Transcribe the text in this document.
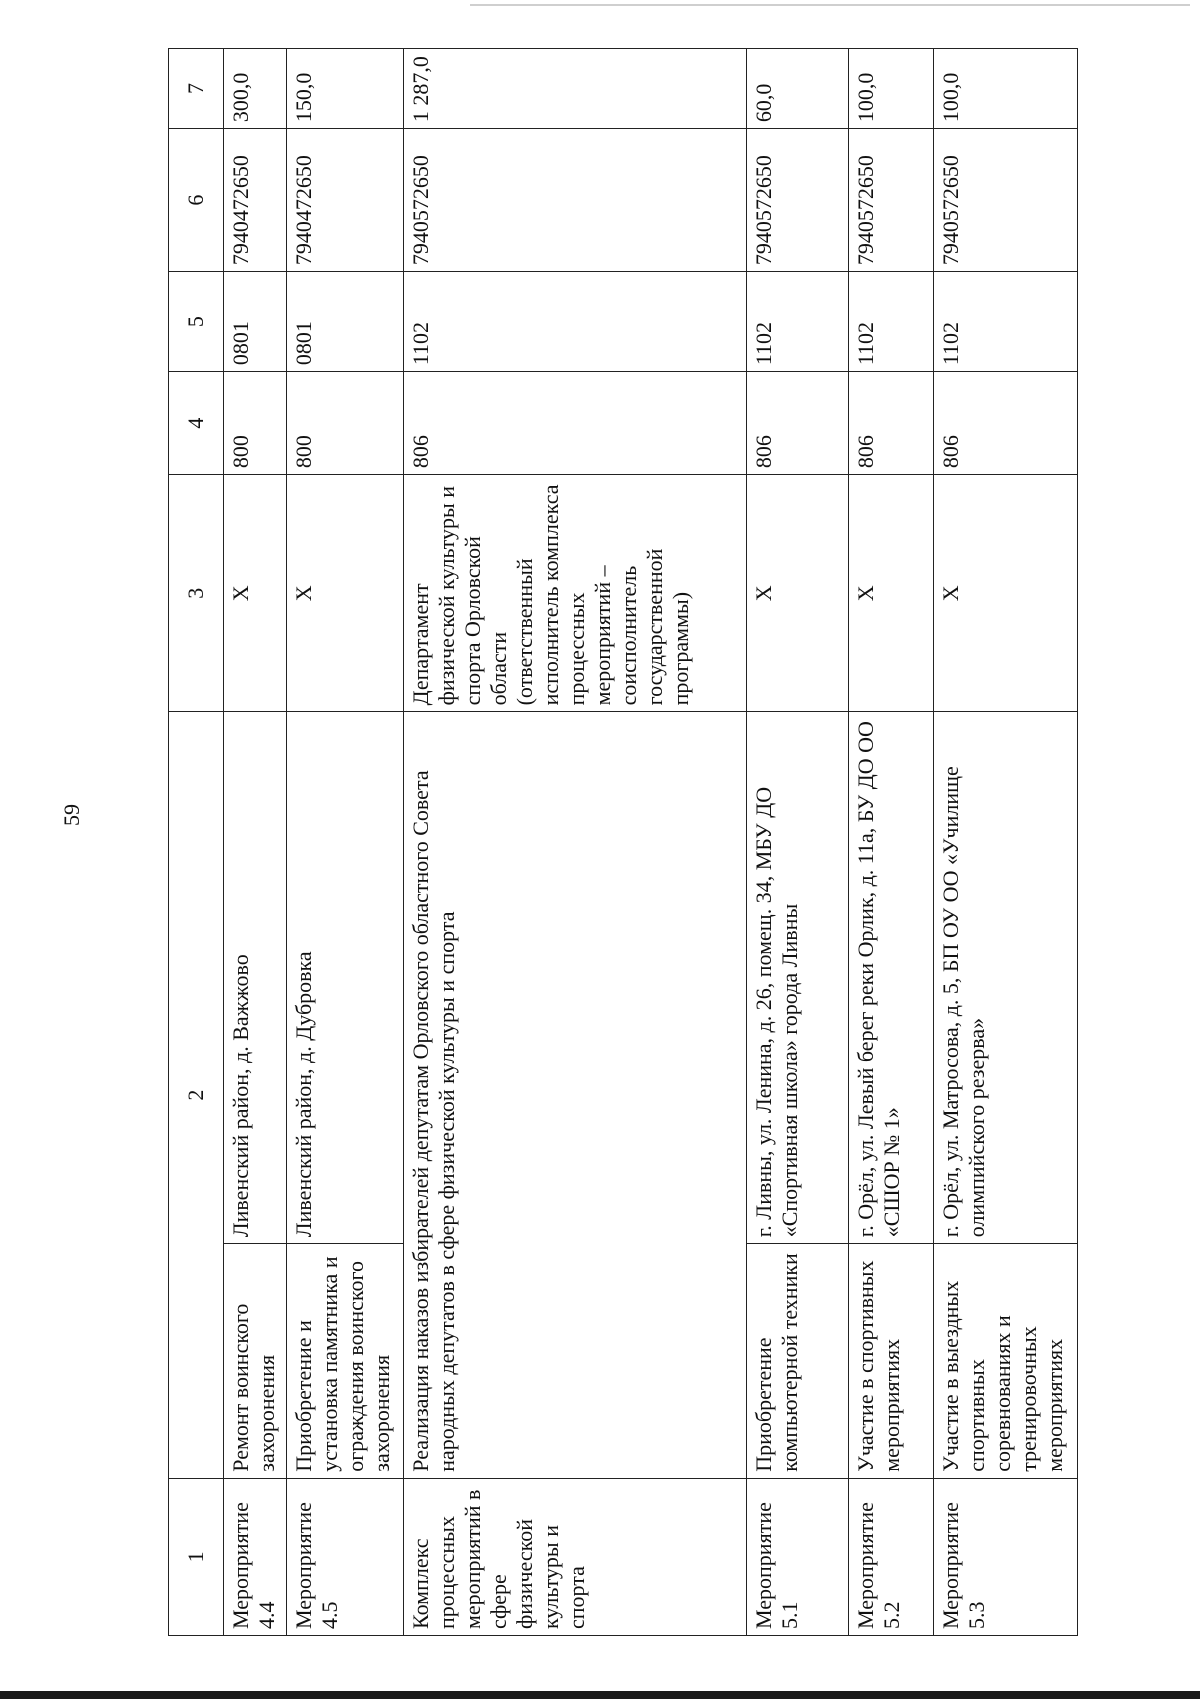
59
1	2		3	4	5	6	7
Мероприятие 4.4	Ремонт воинского захоронения	Ливенский район, д. Важжово	X	800	0801	7940472650	300,0
Мероприятие 4.5	Приобретение и установка памятника и ограждения воинского захоронения	Ливенский район, д. Дубровка	X	800	0801	7940472650	150,0
Комплекс процессных мероприятий в сфере физической культуры и спорта	Реализация наказов избирателей депутатам Орловского областного Совета народных депутатов в сфере физической культуры и спорта		Департамент физической культуры и спорта Орловской области (ответственный исполнитель комплекса процессных мероприятий – соисполнитель государственной программы)	806	1102	7940572650	1 287,0
Мероприятие 5.1	Приобретение компьютерной техники	г. Ливны, ул. Ленина, д. 26, помещ. 34, МБУ ДО «Спортивная школа» города Ливны	X	806	1102	7940572650	60,0
Мероприятие 5.2	Участие в спортивных мероприятиях	г. Орёл, ул. Левый берег реки Орлик, д. 11а, БУ ДО ОО «СШОР № 1»	X	806	1102	7940572650	100,0
Мероприятие 5.3	Участие в выездных спортивных соревнованиях и тренировочных мероприятиях	г. Орёл, ул. Матросова, д. 5, БП ОУ ОО «Училище олимпийского резерва»	X	806	1102	7940572650	100,0
